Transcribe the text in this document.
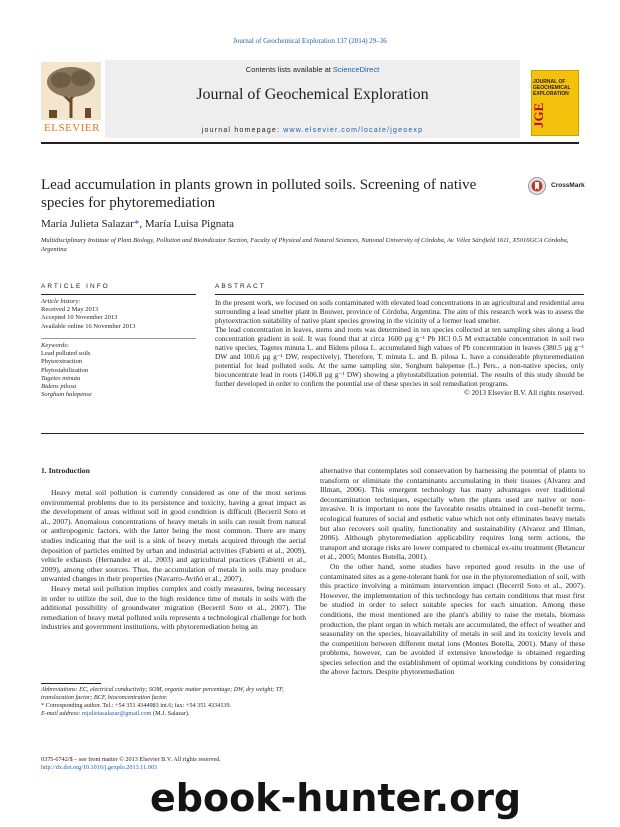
Journal of Geochemical Exploration 137 (2014) 29–36
ELSEVIER
Contents lists available at ScienceDirect
Journal of Geochemical Exploration
journal homepage: www.elsevier.com/locate/jgeoexp
JOURNAL OF GEOCHEMICAL EXPLORATION
JGE
Lead accumulation in plants grown in polluted soils. Screening of native species for phytoremediation
CrossMark
María Julieta Salazar*, María Luisa Pignata
Multidisciplinary Institute of Plant Biology, Pollution and Bioindicator Section, Faculty of Physical and Natural Sciences, National University of Córdoba, Av. Vélez Sársfield 1611, X5016GCA Córdoba, Argentina
ARTICLE INFO
Article history:
Received 2 May 2013
Accepted 10 November 2013
Available online 16 November 2013
Keywords:
Lead polluted soils
Phytoextraction
Phytostabilization
Tagetes minuta
Bidens pilosa
Sorghum halepense
ABSTRACT

In the present work, we focused on soils contaminated with elevated lead concentrations in an agricultural and residential area surrounding a lead smelter plant in Bouwer, province of Córdoba, Argentina. The aim of this research work was to assess the phytoextraction suitability of native plant species growing in the vicinity of a former lead smelter.

The lead concentration in leaves, stems and roots was determined in ten species collected at ten sampling sites along a lead concentration gradient in soil. It was found that at circa 1600 µg g⁻¹ Pb HCl 0.5 M extractable concentration in soil two native species, Tagetes minuta L. and Bidens pilosa L. accumulated high values of Pb concentration in leaves (380.5 µg g⁻¹ DW and 100.6 µg g⁻¹ DW, respectively). Therefore, T. minuta L. and B. pilosa L. have a considerable phytoremediation potential for lead polluted soils. At the same sampling site, Sorghum halepense (L.) Pers., a non-native species, only bioconcentrate lead in roots (1406.8 µg g⁻¹ DW) showing a phytostabilization potential. The results of this study should be further developed in order to confirm the potential use of these species in soil remediation programs.

© 2013 Elsevier B.V. All rights reserved.

1. Introduction

Heavy metal soil pollution is currently considered as one of the most serious environmental problems due to its persistence and toxicity, having a great impact as the development of areas without soil in good condition is difficult (Becerril Soto et al., 2007). Anomalous concentrations of heavy metals in soils can result from natural or anthropogenic factors, with the latter being the most common. There are many studies indicating that the soil is a sink of heavy metals acquired through the aerial deposition of particles emitted by urban and industrial activities (Fabietti et al., 2009), vehicle exhausts (Hernandez et al., 2003) and agricultural practices (Fabietti et al., 2009), among other sources. Thus, the accumulation of metals in soils may produce unwanted changes in their properties (Navarro-Aviñó et al., 2007).

Heavy metal soil pollution implies complex and costly measures, being necessary in order to utilize the soil, due to the high residence time of metals in soils with the additional possibility of groundwater migration (Becerril Soto et al., 2007). The remediation of heavy metal polluted soils represents a technological challenge for both industries and government institutions, with phytoremediation being an

alternative that contemplates soil conservation by harnessing the potential of plants to transform or eliminate the contaminants accumulating in their tissues (Alvarez and Illman, 2006). This emergent technology has many advantages over traditional decontamination techniques, especially when the plants used are native or non-invasive. It is important to note the favorable results obtained in cost–benefit terms, ecological features of social and esthetic value which not only eliminates heavy metals but also recovers soil quality, functionality and sustainability (Alvarez and Illman, 2006). Although phytoremediation applicability requires long term actions, the transport and storage risks are lower compared to chemical ex-situ treatment (Betancur et al., 2005; Montes Botella, 2001).

On the other hand, some studies have reported good results in the use of contaminated sites as a gene-tolerant bank for use in the phytoremediation of soil, with this practice involving a minimum intervention impact (Becerril Soto et al., 2007). However, the implementation of this technology has certain conditions that must first be studied in order to select suitable species for each situation. Among these conditions, the most mentioned are the plant's ability to raise the metals, biomass production, the plant organ in which metals are accumulated, the effect of weather and seasonality on the species, bioavailability of metals in soil and its toxicity levels and the competition between different metal ions (Montes Botella, 2001). Many of these problems, however, can be avoided if extensive knowledge is obtained regarding species selection and the establishment of optimal working conditions by considering the above factors. Despite phytoremediation

Abbreviations: EC, electrical conductivity; SOM, organic matter percentage; DW, dry weight; TF, translocation factor; BCF, bioconcentration factor.

* Corresponding author. Tel.: +54 351 4344983 int.6; fax: +54 351 4334139.

E-mail address: mjulietasalazar@gmail.com (M.J. Salazar).

0375-6742/$ – see front matter © 2013 Elsevier B.V. All rights reserved.
http://dx.doi.org/10.1016/j.gexplo.2013.11.003
ebook-hunter.org
